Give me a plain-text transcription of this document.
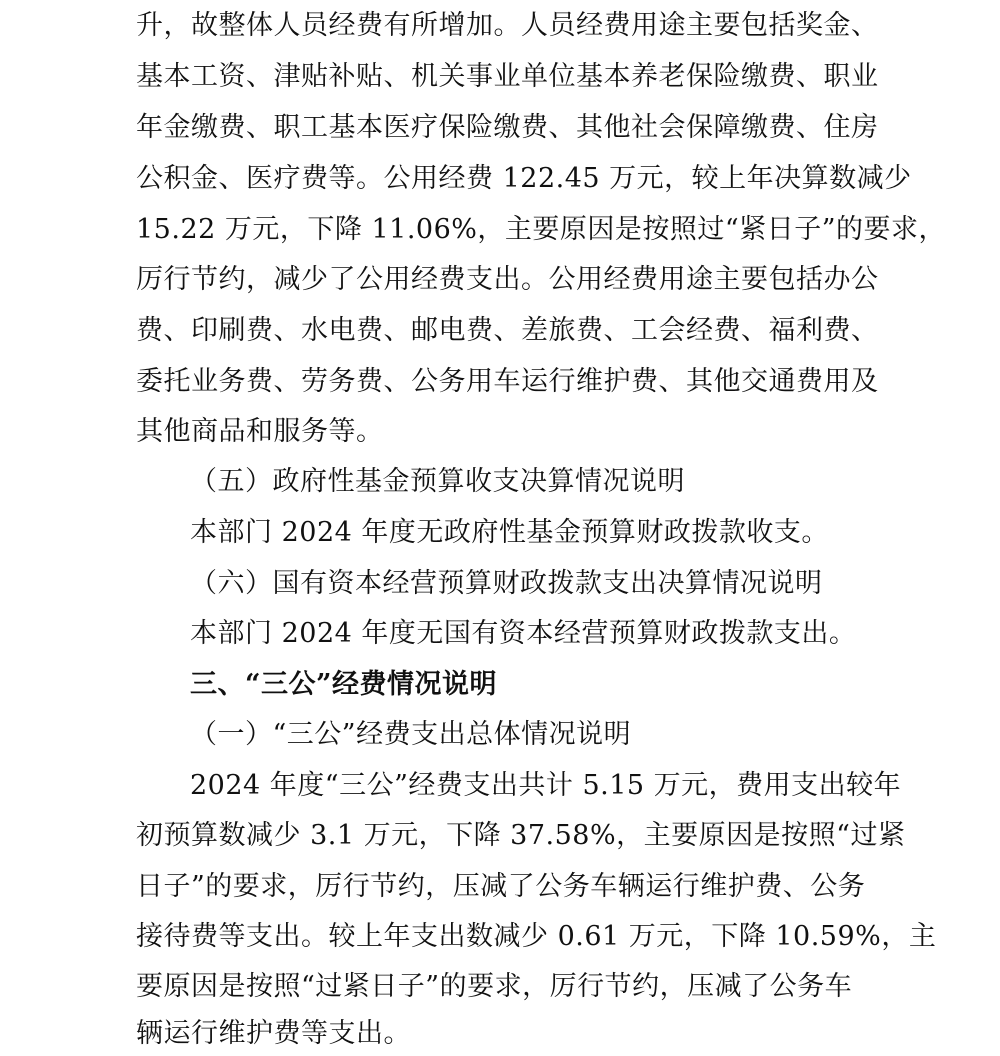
升，故整体人员经费有所增加。人员经费用途主要包括奖金、
基本工资、津贴补贴、机关事业单位基本养老保险缴费、职业
年金缴费、职工基本医疗保险缴费、其他社会保障缴费、住房
公积金、医疗费等。公用经费 122.45 万元，较上年决算数减少
15.22 万元，下降 11.06%，主要原因是按照过“紧日子”的要求，
厉行节约，减少了公用经费支出。公用经费用途主要包括办公
费、印刷费、水电费、邮电费、差旅费、工会经费、福利费、
委托业务费、劳务费、公务用车运行维护费、其他交通费用及
其他商品和服务等。
（五）政府性基金预算收支决算情况说明
本部门 2024 年度无政府性基金预算财政拨款收支。
（六）国有资本经营预算财政拨款支出决算情况说明
本部门 2024 年度无国有资本经营预算财政拨款支出。
三、“三公”经费情况说明
（一）“三公”经费支出总体情况说明
2024 年度“三公”经费支出共计 5.15 万元，费用支出较年
初预算数减少 3.1 万元，下降 37.58%，主要原因是按照“过紧
日子”的要求，厉行节约，压减了公务车辆运行维护费、公务
接待费等支出。较上年支出数减少 0.61 万元，下降 10.59%，主
要原因是按照“过紧日子”的要求，厉行节约，压减了公务车
辆运行维护费等支出。
